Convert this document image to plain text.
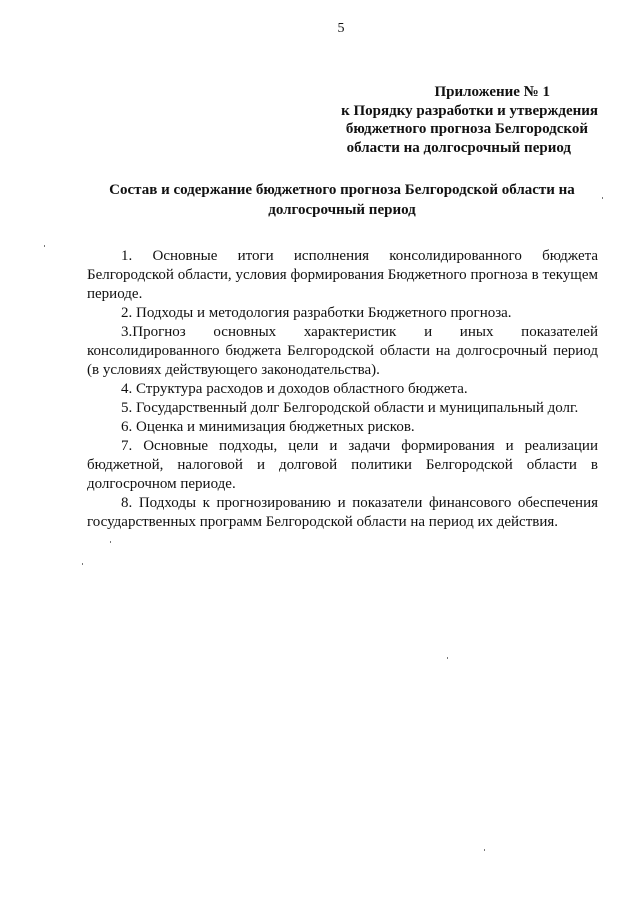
5
Приложение № 1
к Порядку разработки и утверждения
бюджетного прогноза Белгородской
области на долгосрочный период
Состав и содержание бюджетного прогноза Белгородской области на долгосрочный период

1. Основные итоги исполнения консолидированного бюджета Белгородской области, условия формирования Бюджетного прогноза в текущем периоде.

2. Подходы и методология разработки Бюджетного прогноза.

3.Прогноз основных характеристик и иных показателей консолидированного бюджета Белгородской области на долгосрочный период (в условиях действующего законодательства).

4. Структура расходов и доходов областного бюджета.

5. Государственный долг Белгородской области и муниципальный долг.

6. Оценка и минимизация бюджетных рисков.

7. Основные подходы, цели и задачи формирования и реализации бюджетной, налоговой и долговой политики Белгородской области в долгосрочном периоде.

8. Подходы к прогнозированию и показатели финансового обеспечения государственных программ Белгородской области на период их действия.
